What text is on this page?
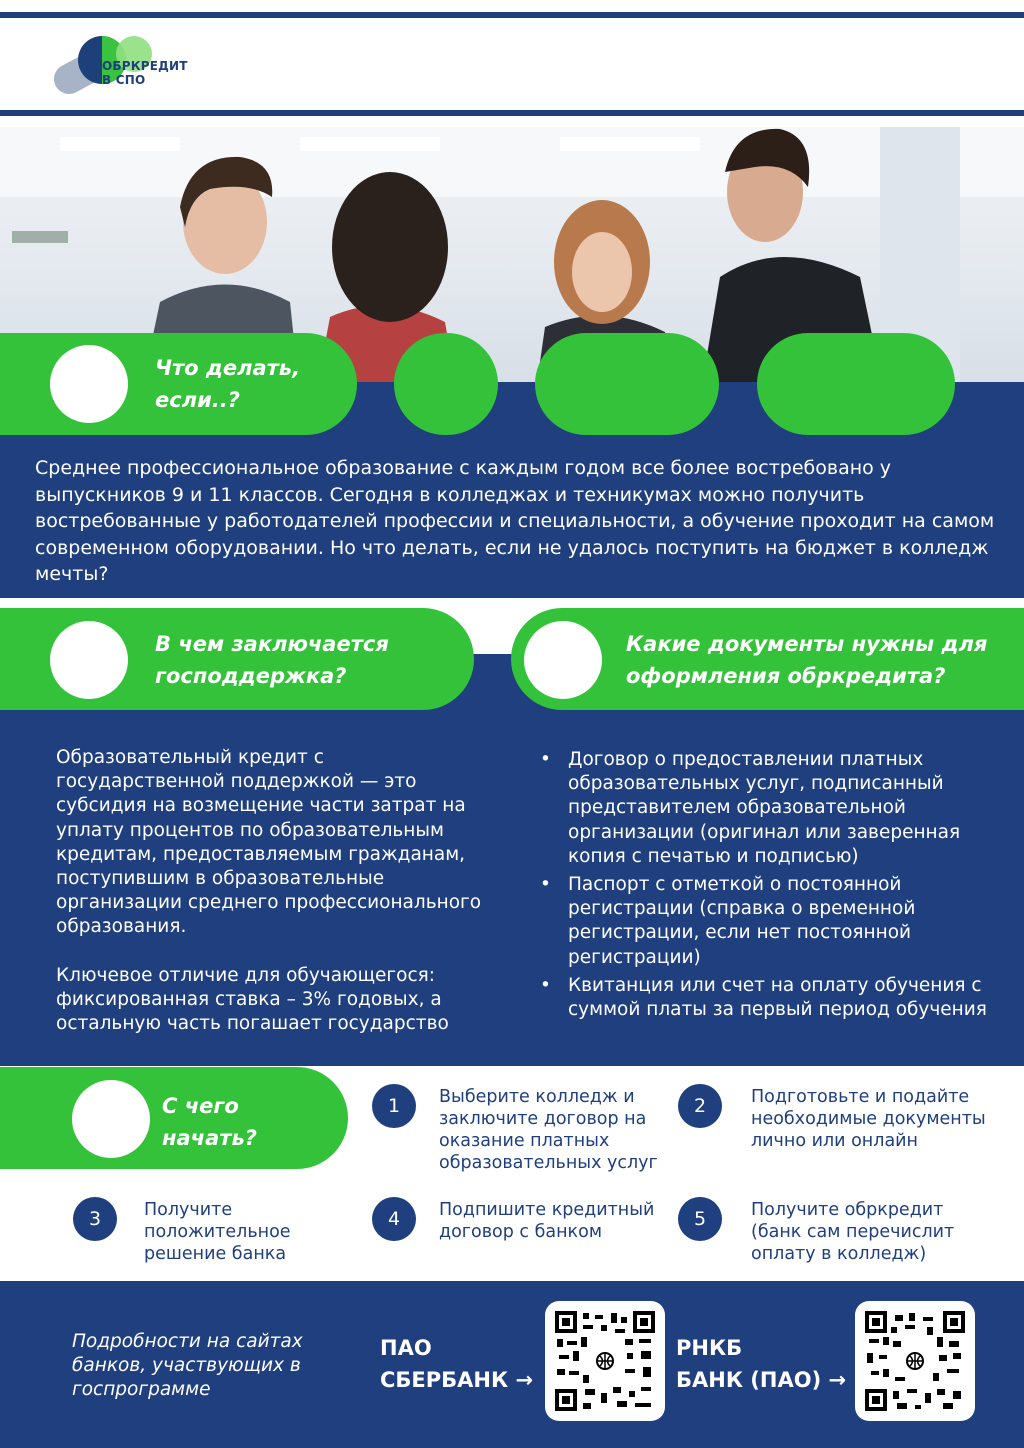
ОБРКРЕДИТ
В СПО
Что делать,
если..?
Среднее профессиональное образование с каждым годом все более востребовано у выпускников 9 и 11 классов. Сегодня в колледжах и техникумах можно получить востребованные у работодателей профессии и специальности, а обучение проходит на самом современном оборудовании. Но что делать, если не удалось поступить на бюджет в колледж мечты?
В чем заключается
господдержка?
Какие документы нужны для
оформления обркредита?

Образовательный кредит с государственной поддержкой — это субсидия на возмещение части затрат на уплату процентов по образовательным кредитам, предоставляемым гражданам, поступившим в образовательные организации среднего профессионального образования.

Ключевое отличие для обучающегося: фиксированная ставка – 3% годовых, а остальную часть погашает государство

• Договор о предоставлении платных образовательных услуг, подписанный представителем образовательной организации (оригинал или заверенная копия с печатью и подписью)
• Паспорт с отметкой о постоянной регистрации (справка о временной регистрации, если нет постоянной регистрации)
• Квитанция или счет на оплату обучения с суммой платы за первый период обучения
С чего
начать?
1	Выберите колледж и заключите договор на оказание платных образовательных услуг
2	Подготовьте и подайте необходимые документы лично или онлайн
3	Получите положительное решение банка
4	Подпишите кредитный договор с банком
5	Получите обркредит (банк сам перечислит оплату в колледж)
Подробности на сайтах банков, участвующих в госпрограмме
ПАО
СБЕРБАНК →
РНКБ
БАНК (ПАО) →
